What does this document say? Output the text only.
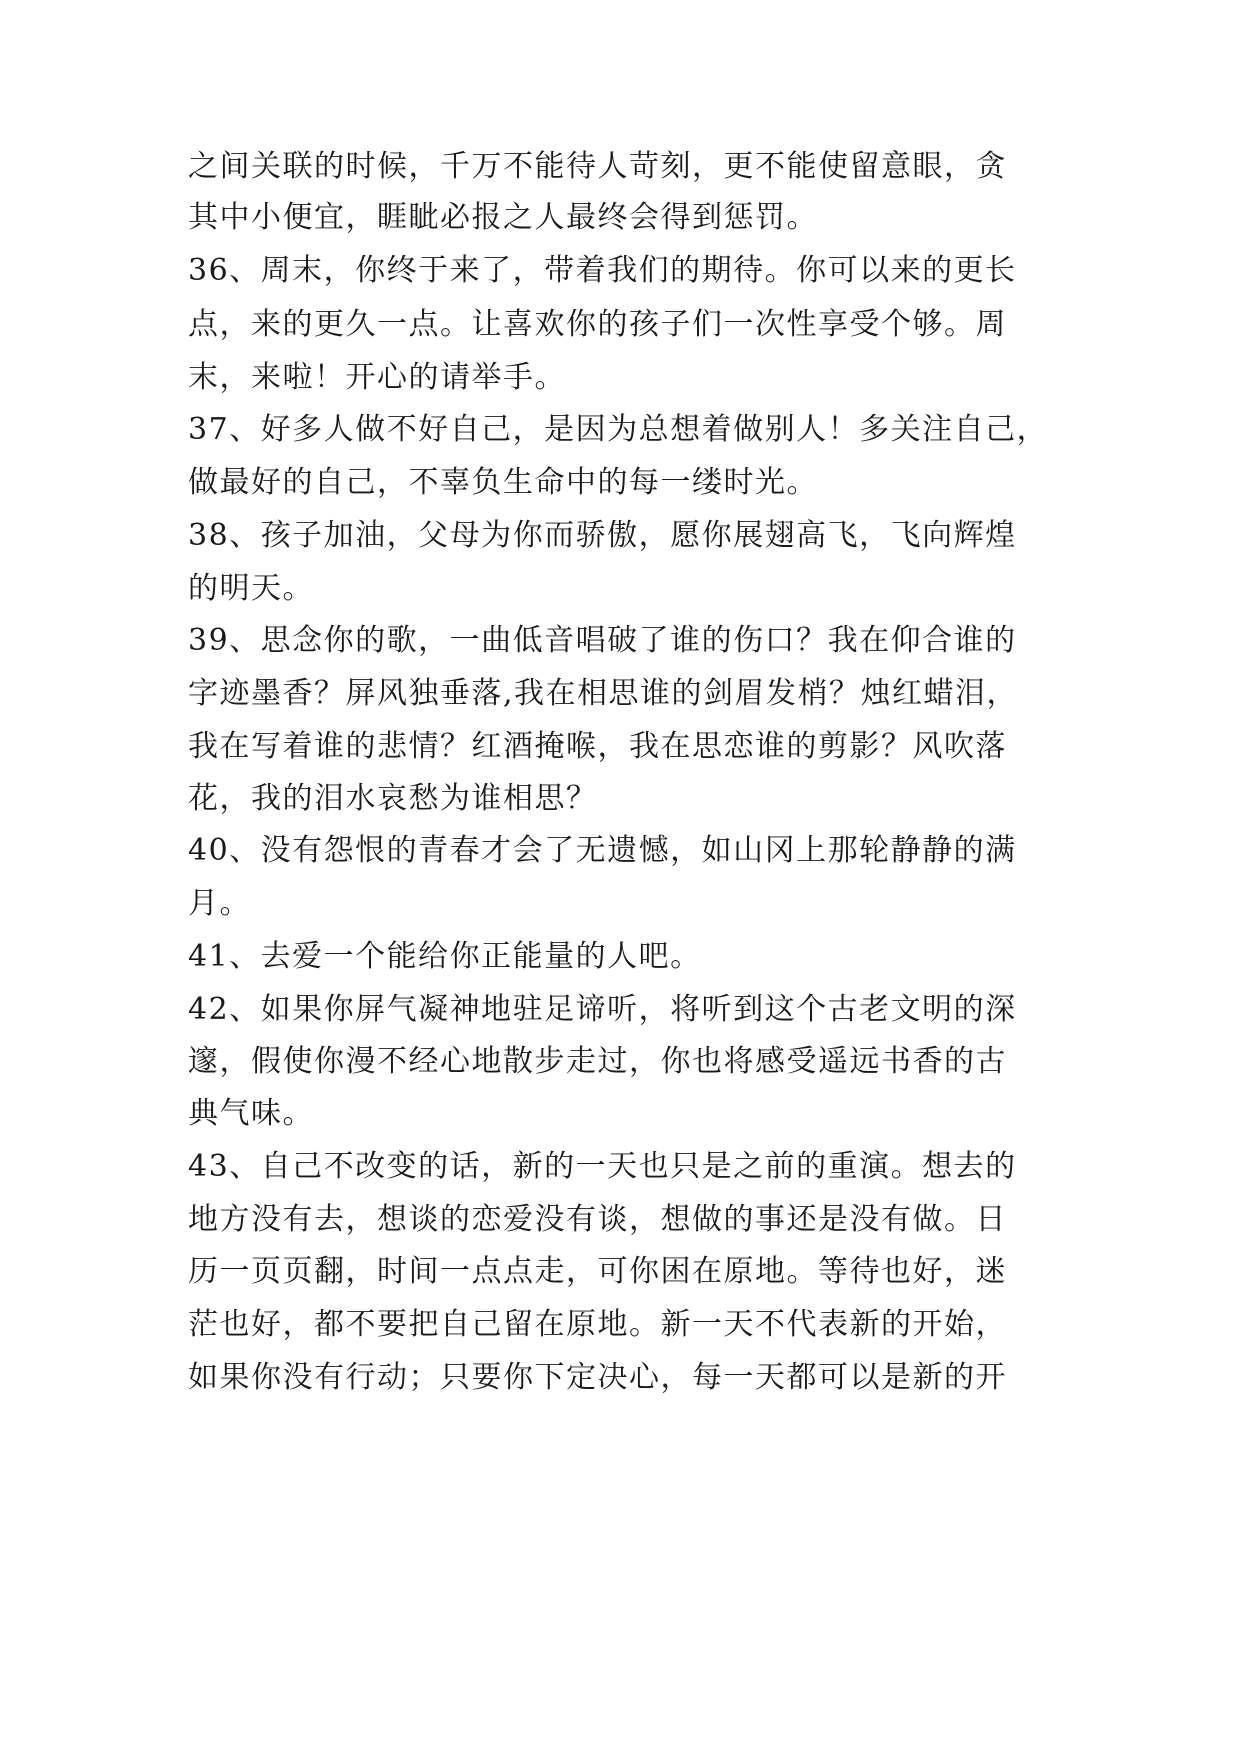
之间关联的时候，千万不能待人苛刻，更不能使留意眼，贪
其中小便宜，睚眦必报之人最终会得到惩罚。
36、周末，你终于来了，带着我们的期待。你可以来的更长
点，来的更久一点。让喜欢你的孩子们一次性享受个够。周
末，来啦！开心的请举手。
37、好多人做不好自己，是因为总想着做别人！多关注自己，
做最好的自己，不辜负生命中的每一缕时光。
38、孩子加油，父母为你而骄傲，愿你展翅高飞，飞向辉煌
的明天。
39、思念你的歌，一曲低音唱破了谁的伤口？我在仰合谁的
字迹墨香？屏风独垂落,我在相思谁的剑眉发梢？烛红蜡泪，
我在写着谁的悲情？红酒掩喉，我在思恋谁的剪影？风吹落
花，我的泪水哀愁为谁相思？
40、没有怨恨的青春才会了无遗憾，如山冈上那轮静静的满
月。
41、去爱一个能给你正能量的人吧。
42、如果你屏气凝神地驻足谛听，将听到这个古老文明的深
邃，假使你漫不经心地散步走过，你也将感受遥远书香的古
典气味。
43、自己不改变的话，新的一天也只是之前的重演。想去的
地方没有去，想谈的恋爱没有谈，想做的事还是没有做。日
历一页页翻，时间一点点走，可你困在原地。等待也好，迷
茫也好，都不要把自己留在原地。新一天不代表新的开始，
如果你没有行动；只要你下定决心，每一天都可以是新的开
